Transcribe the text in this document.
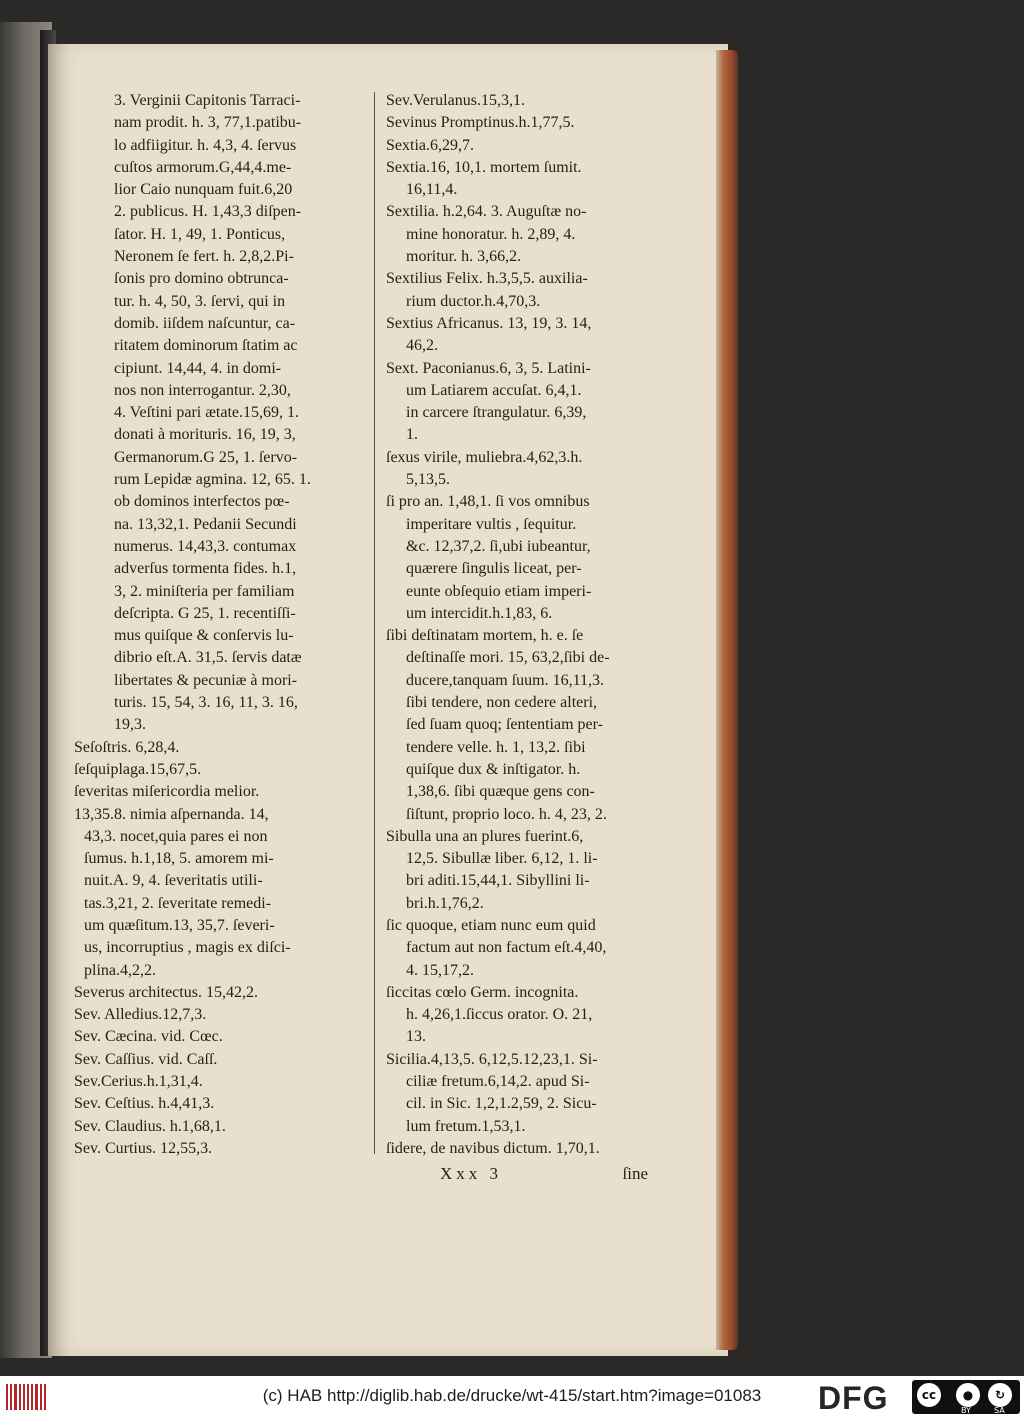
3. Verginii Capitonis Tarraci-
nam prodit. h. 3, 77,1.patibu-
lo adfiigitur. h. 4,3, 4. ſervus
cuſtos armorum.G,44,4.me-
lior Caio nunquam fuit.6,20
2. publicus. H. 1,43,3 diſpen-
ſator. H. 1, 49, 1. Ponticus,
Neronem ſe fert. h. 2,8,2.Pi-
ſonis pro domino obtrunca-
tur. h. 4, 50, 3. ſervi, qui in
domib. iiſdem naſcuntur, ca-
ritatem dominorum ſtatim ac
cipiunt. 14,44, 4. in domi-
nos non interrogantur. 2,30,
4. Veſtini pari ætate.15,69, 1.
donati à morituris. 16, 19, 3,
Germanorum.G 25, 1. ſervo-
rum Lepidæ agmina. 12, 65. 1.
ob dominos interfectos pœ-
na. 13,32,1. Pedanii Secundi
numerus. 14,43,3. contumax
adverſus tormenta fides. h.1,
3, 2. miniſteria per familiam
deſcripta. G 25, 1. recentiſſi-
mus quiſque & conſervis lu-
dibrio eſt.A. 31,5. ſervis datæ
libertates & pecuniæ à mori-
turis. 15, 54, 3. 16, 11, 3. 16,
19,3.
Seſoſtris. 6,28,4.
ſeſquiplaga.15,67,5.
ſeveritas miſericordia melior.
13,35.8. nimia aſpernanda. 14,
43,3. nocet,quia pares ei non
ſumus. h.1,18, 5. amorem mi-
nuit.A. 9, 4. ſeveritatis utili-
tas.3,21, 2. ſeveritate remedi-
um quæſitum.13, 35,7. ſeveri-
us, incorruptius , magis ex diſci-
plina.4,2,2.
Severus architectus. 15,42,2.
Sev. Alledius.12,7,3.
Sev. Cæcina. vid. Cœc.
Sev. Caſſius. vid. Caſſ.
Sev.Cerius.h.1,31,4.
Sev. Ceſtius. h.4,41,3.
Sev. Claudius. h.1,68,1.
Sev. Curtius. 12,55,3.
Sev.Verulanus.15,3,1.
Sevinus Promptinus.h.1,77,5.
Sextia.6,29,7.
Sextia.16, 10,1. mortem ſumit.
16,11,4.
Sextilia. h.2,64. 3. Auguſtæ no-
mine honoratur. h. 2,89, 4.
moritur. h. 3,66,2.
Sextilius Felix. h.3,5,5. auxilia-
rium ductor.h.4,70,3.
Sextius Africanus. 13, 19, 3. 14,
46,2.
Sext. Paconianus.6, 3, 5. Latini-
um Latiarem accuſat. 6,4,1.
in carcere ſtrangulatur. 6,39,
1.
ſexus virile, muliebra.4,62,3.h.
5,13,5.
ſi pro an. 1,48,1. ſi vos omnibus
imperitare vultis , ſequitur.
&c. 12,37,2. ſi,ubi iubeantur,
quærere ſingulis liceat, per-
eunte obſequio etiam imperi-
um intercidit.h.1,83, 6.
ſibi deſtinatam mortem, h. e. ſe
deſtinaſſe mori. 15, 63,2,ſibi de-
ducere,tanquam ſuum. 16,11,3.
ſibi tendere, non cedere alteri,
ſed ſuam quoq; ſententiam per-
tendere velle. h. 1, 13,2. ſibi
quiſque dux & inſtigator. h.
1,38,6. ſibi quæque gens con-
ſiſtunt, proprio loco. h. 4, 23, 2.
Sibulla una an plures fuerint.6,
12,5. Sibullæ liber. 6,12, 1. li-
bri aditi.15,44,1. Sibyllini li-
bri.h.1,76,2.
ſic quoque, etiam nunc eum quid
factum aut non factum eſt.4,40,
4. 15,17,2.
ſiccitas cœlo Germ. incognita.
h. 4,26,1.ſiccus orator. O. 21,
13.
Sicilia.4,13,5. 6,12,5.12,23,1. Si-
ciliæ fretum.6,14,2. apud Si-
cil. in Sic. 1,2,1.2,59, 2. Sicu-
lum fretum.1,53,1.
ſidere, de navibus dictum. 1,70,1.
Xxx 3	ſine
(c) HAB http://diglib.hab.de/drucke/wt-415/start.htm?image=01083	DFG	cc	●	↻
BY	SA
